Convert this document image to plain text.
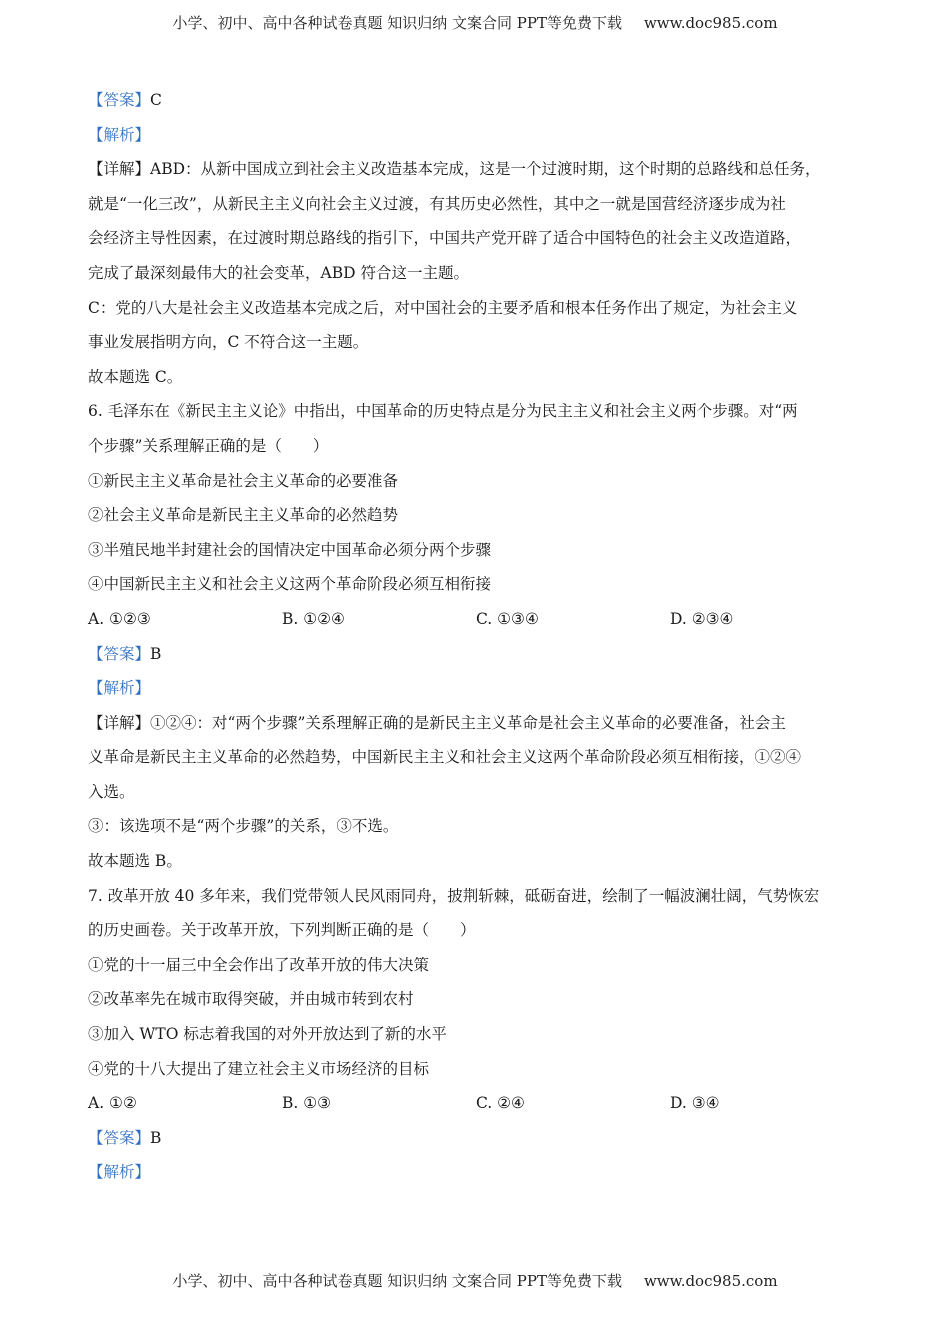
小学、初中、高中各种试卷真题 知识归纳 文案合同 PPT等免费下载 www.doc985.com
【答案】C
【解析】
【详解】ABD：从新中国成立到社会主义改造基本完成，这是一个过渡时期，这个时期的总路线和总任务，
就是“一化三改”，从新民主主义向社会主义过渡，有其历史必然性，其中之一就是国营经济逐步成为社
会经济主导性因素，在过渡时期总路线的指引下，中国共产党开辟了适合中国特色的社会主义改造道路，
完成了最深刻最伟大的社会变革，ABD 符合这一主题。
C：党的八大是社会主义改造基本完成之后，对中国社会的主要矛盾和根本任务作出了规定，为社会主义
事业发展指明方向，C 不符合这一主题。
故本题选 C。
6. 毛泽东在《新民主主义论》中指出，中国革命的历史特点是分为民主主义和社会主义两个步骤。对“两
个步骤”关系理解正确的是（　　）
①新民主主义革命是社会主义革命的必要准备
②社会主义革命是新民主主义革命的必然趋势
③半殖民地半封建社会的国情决定中国革命必须分两个步骤
④中国新民主主义和社会主义这两个革命阶段必须互相衔接
A. ①②③	B. ①②④	C. ①③④	D. ②③④
【答案】B
【解析】
【详解】①②④：对“两个步骤”关系理解正确的是新民主主义革命是社会主义革命的必要准备，社会主
义革命是新民主主义革命的必然趋势，中国新民主主义和社会主义这两个革命阶段必须互相衔接，①②④
入选。
③：该选项不是“两个步骤”的关系，③不选。
故本题选 B。
7. 改革开放 40 多年来，我们党带领人民风雨同舟，披荆斩棘，砥砺奋进，绘制了一幅波澜壮阔，气势恢宏
的历史画卷。关于改革开放，下列判断正确的是（　　）
①党的十一届三中全会作出了改革开放的伟大决策
②改革率先在城市取得突破，并由城市转到农村
③加入 WTO 标志着我国的对外开放达到了新的水平
④党的十八大提出了建立社会主义市场经济的目标
A. ①②	B. ①③	C. ②④	D. ③④
【答案】B
【解析】
小学、初中、高中各种试卷真题 知识归纳 文案合同 PPT等免费下载 www.doc985.com
